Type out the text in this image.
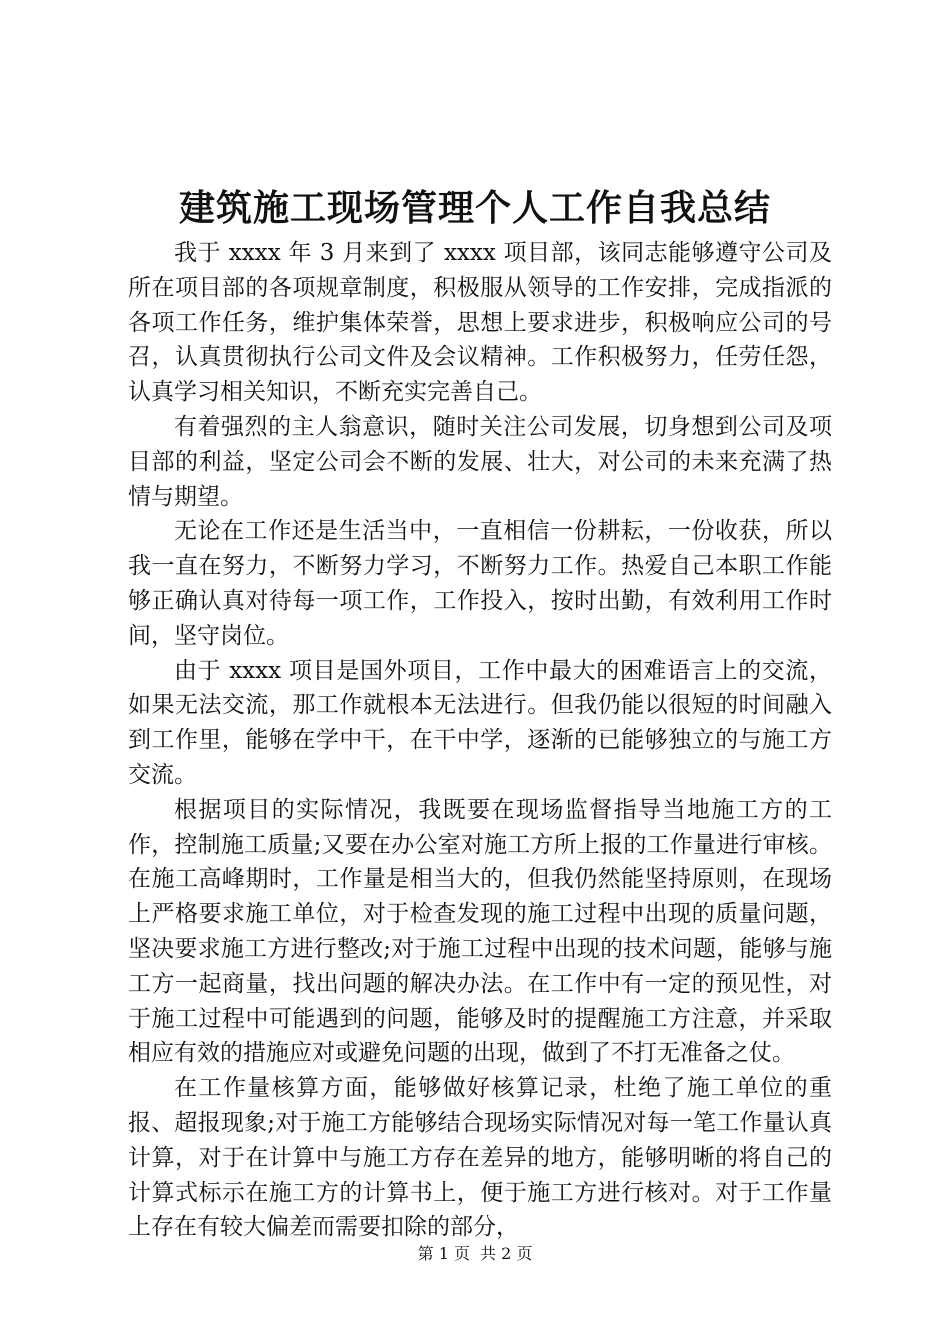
建筑施工现场管理个人工作自我总结

我于 xxxx 年 3 月来到了 xxxx 项目部，该同志能够遵守公司及所在项目部的各项规章制度，积极服从领导的工作安排，完成指派的各项工作任务，维护集体荣誉，思想上要求进步，积极响应公司的号召，认真贯彻执行公司文件及会议精神。工作积极努力，任劳任怨，认真学习相关知识，不断充实完善自己。

有着强烈的主人翁意识，随时关注公司发展，切身想到公司及项目部的利益，坚定公司会不断的发展、壮大，对公司的未来充满了热情与期望。

无论在工作还是生活当中，一直相信一份耕耘，一份收获，所以我一直在努力，不断努力学习，不断努力工作。热爱自己本职工作能够正确认真对待每一项工作，工作投入，按时出勤，有效利用工作时间，坚守岗位。

由于 xxxx 项目是国外项目，工作中最大的困难语言上的交流，如果无法交流，那工作就根本无法进行。但我仍能以很短的时间融入到工作里，能够在学中干，在干中学，逐渐的已能够独立的与施工方交流。

根据项目的实际情况，我既要在现场监督指导当地施工方的工作，控制施工质量;又要在办公室对施工方所上报的工作量进行审核。在施工高峰期时，工作量是相当大的，但我仍然能坚持原则，在现场上严格要求施工单位，对于检查发现的施工过程中出现的质量问题，坚决要求施工方进行整改;对于施工过程中出现的技术问题，能够与施工方一起商量，找出问题的解决办法。在工作中有一定的预见性，对于施工过程中可能遇到的问题，能够及时的提醒施工方注意，并采取相应有效的措施应对或避免问题的出现，做到了不打无准备之仗。

在工作量核算方面，能够做好核算记录，杜绝了施工单位的重报、超报现象;对于施工方能够结合现场实际情况对每一笔工作量认真计算，对于在计算中与施工方存在差异的地方，能够明晰的将自己的计算式标示在施工方的计算书上，便于施工方进行核对。对于工作量上存在有较大偏差而需要扣除的部分，

第 1 页 共 2 页
